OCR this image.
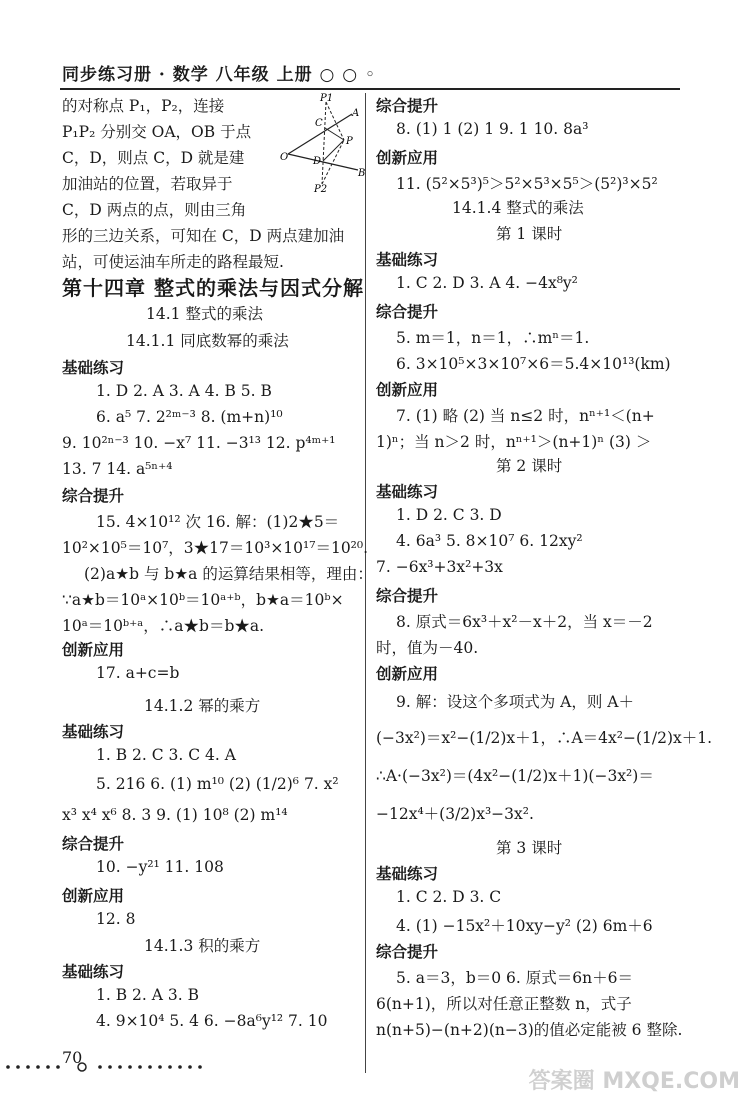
同步练习册 · 数学 八年级 上册 ○ ○ ◦
P1
P2
A
B
O
C
D
P
的对称点 P₁，P₂，连接
P₁P₂ 分别交 OA，OB 于点
C，D，则点 C，D 就是建
加油站的位置，若取异于
C，D 两点的点，则由三角
形的三边关系，可知在 C，D 两点建加油
站，可使运油车所走的路程最短.
第十四章 整式的乘法与因式分解
14.1 整式的乘法
14.1.1 同底数幂的乘法
基础练习
1. D 2. A 3. A 4. B 5. B
6. a⁵ 7. 2²ᵐ⁻³ 8. (m+n)¹⁰
9. 10²ⁿ⁻³ 10. −x⁷ 11. −3¹³ 12. p⁴ᵐ⁺¹
13. 7 14. a⁵ⁿ⁺⁴
综合提升
15. 4×10¹² 次 16. 解：(1)2★5＝
10²×10⁵＝10⁷，3★17＝10³×10¹⁷＝10²⁰.
(2)a★b 与 b★a 的运算结果相等，理由：
∵a★b＝10ᵃ×10ᵇ＝10ᵃ⁺ᵇ，b★a＝10ᵇ×
10ᵃ＝10ᵇ⁺ᵃ，∴a★b＝b★a.
创新应用
17. a+c=b
14.1.2 幂的乘方
基础练习
1. B 2. C 3. C 4. A
5. 216 6. (1) m¹⁰ (2) (1/2)⁶ 7. x²
x³ x⁴ x⁶ 8. 3 9. (1) 10⁸ (2) m¹⁴
综合提升
10. −y²¹ 11. 108
创新应用
12. 8
14.1.3 积的乘方
基础练习
1. B 2. A 3. B
4. 9×10⁴ 5. 4 6. −8a⁶y¹² 7. 10
综合提升
8. (1) 1 (2) 1 9. 1 10. 8a³
创新应用
11. (5²×5³)⁵＞5²×5³×5⁵＞(5²)³×5²
14.1.4 整式的乘法
第 1 课时
基础练习
1. C 2. D 3. A 4. −4x⁸y²
综合提升
5. m＝1，n＝1，∴mⁿ＝1.
6. 3×10⁵×3×10⁷×6＝5.4×10¹³(km)
创新应用
7. (1) 略 (2) 当 n≤2 时，nⁿ⁺¹＜(n+
1)ⁿ；当 n＞2 时，nⁿ⁺¹＞(n+1)ⁿ (3) ＞
第 2 课时
基础练习
1. D 2. C 3. D
4. 6a³ 5. 8×10⁷ 6. 12xy²
7. −6x³+3x²+3x
综合提升
8. 原式＝6x³＋x²－x＋2，当 x＝－2
时，值为－40.
创新应用
9. 解：设这个多项式为 A，则 A＋
(−3x²)＝x²−(1/2)x＋1，∴A＝4x²−(1/2)x＋1.
∴A·(−3x²)＝(4x²−(1/2)x＋1)(−3x²)＝
−12x⁴＋(3/2)x³−3x².
第 3 课时
基础练习
1. C 2. D 3. C
4. (1) −15x²＋10xy−y² (2) 6m＋6
综合提升
5. a＝3，b＝0 6. 原式＝6n＋6＝
6(n+1)，所以对任意正整数 n，式子
n(n+5)−(n+2)(n−3)的值必定能被 6 整除.
70
答案圈 MXQE.COM
